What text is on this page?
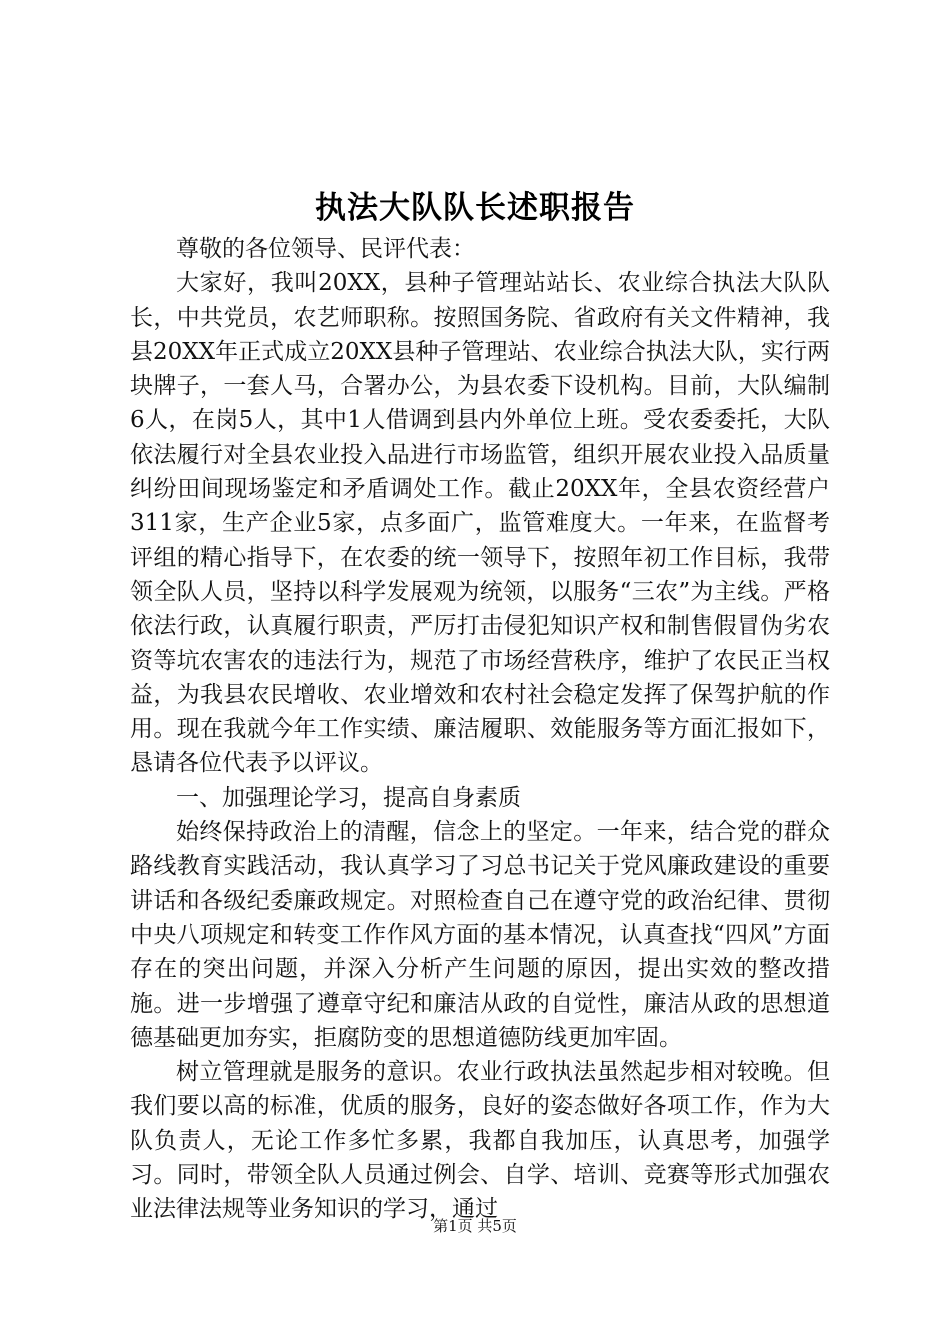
执法大队队长述职报告

尊敬的各位领导、民评代表：

大家好，我叫20XX，县种子管理站站长、农业综合执法大队队长，中共党员，农艺师职称。按照国务院、省政府有关文件精神，我县20XX年正式成立20XX县种子管理站、农业综合执法大队，实行两块牌子，一套人马，合署办公，为县农委下设机构。目前，大队编制6人，在岗5人，其中1人借调到县内外单位上班。受农委委托，大队依法履行对全县农业投入品进行市场监管，组织开展农业投入品质量纠纷田间现场鉴定和矛盾调处工作。截止20XX年，全县农资经营户311家，生产企业5家，点多面广，监管难度大。一年来，在监督考评组的精心指导下，在农委的统一领导下，按照年初工作目标，我带领全队人员，坚持以科学发展观为统领，以服务“三农”为主线。严格依法行政，认真履行职责，严厉打击侵犯知识产权和制售假冒伪劣农资等坑农害农的违法行为，规范了市场经营秩序，维护了农民正当权益，为我县农民增收、农业增效和农村社会稳定发挥了保驾护航的作用。现在我就今年工作实绩、廉洁履职、效能服务等方面汇报如下，恳请各位代表予以评议。

一、加强理论学习，提高自身素质

始终保持政治上的清醒，信念上的坚定。一年来，结合党的群众路线教育实践活动，我认真学习了习总书记关于党风廉政建设的重要讲话和各级纪委廉政规定。对照检查自己在遵守党的政治纪律、贯彻中央八项规定和转变工作作风方面的基本情况，认真查找“四风”方面存在的突出问题，并深入分析产生问题的原因，提出实效的整改措施。进一步增强了遵章守纪和廉洁从政的自觉性，廉洁从政的思想道德基础更加夯实，拒腐防变的思想道德防线更加牢固。

树立管理就是服务的意识。农业行政执法虽然起步相对较晚。但我们要以高的标准，优质的服务，良好的姿态做好各项工作，作为大队负责人，无论工作多忙多累，我都自我加压，认真思考，加强学习。同时，带领全队人员通过例会、自学、培训、竞赛等形式加强农业法律法规等业务知识的学习，通过

第1页 共5页
